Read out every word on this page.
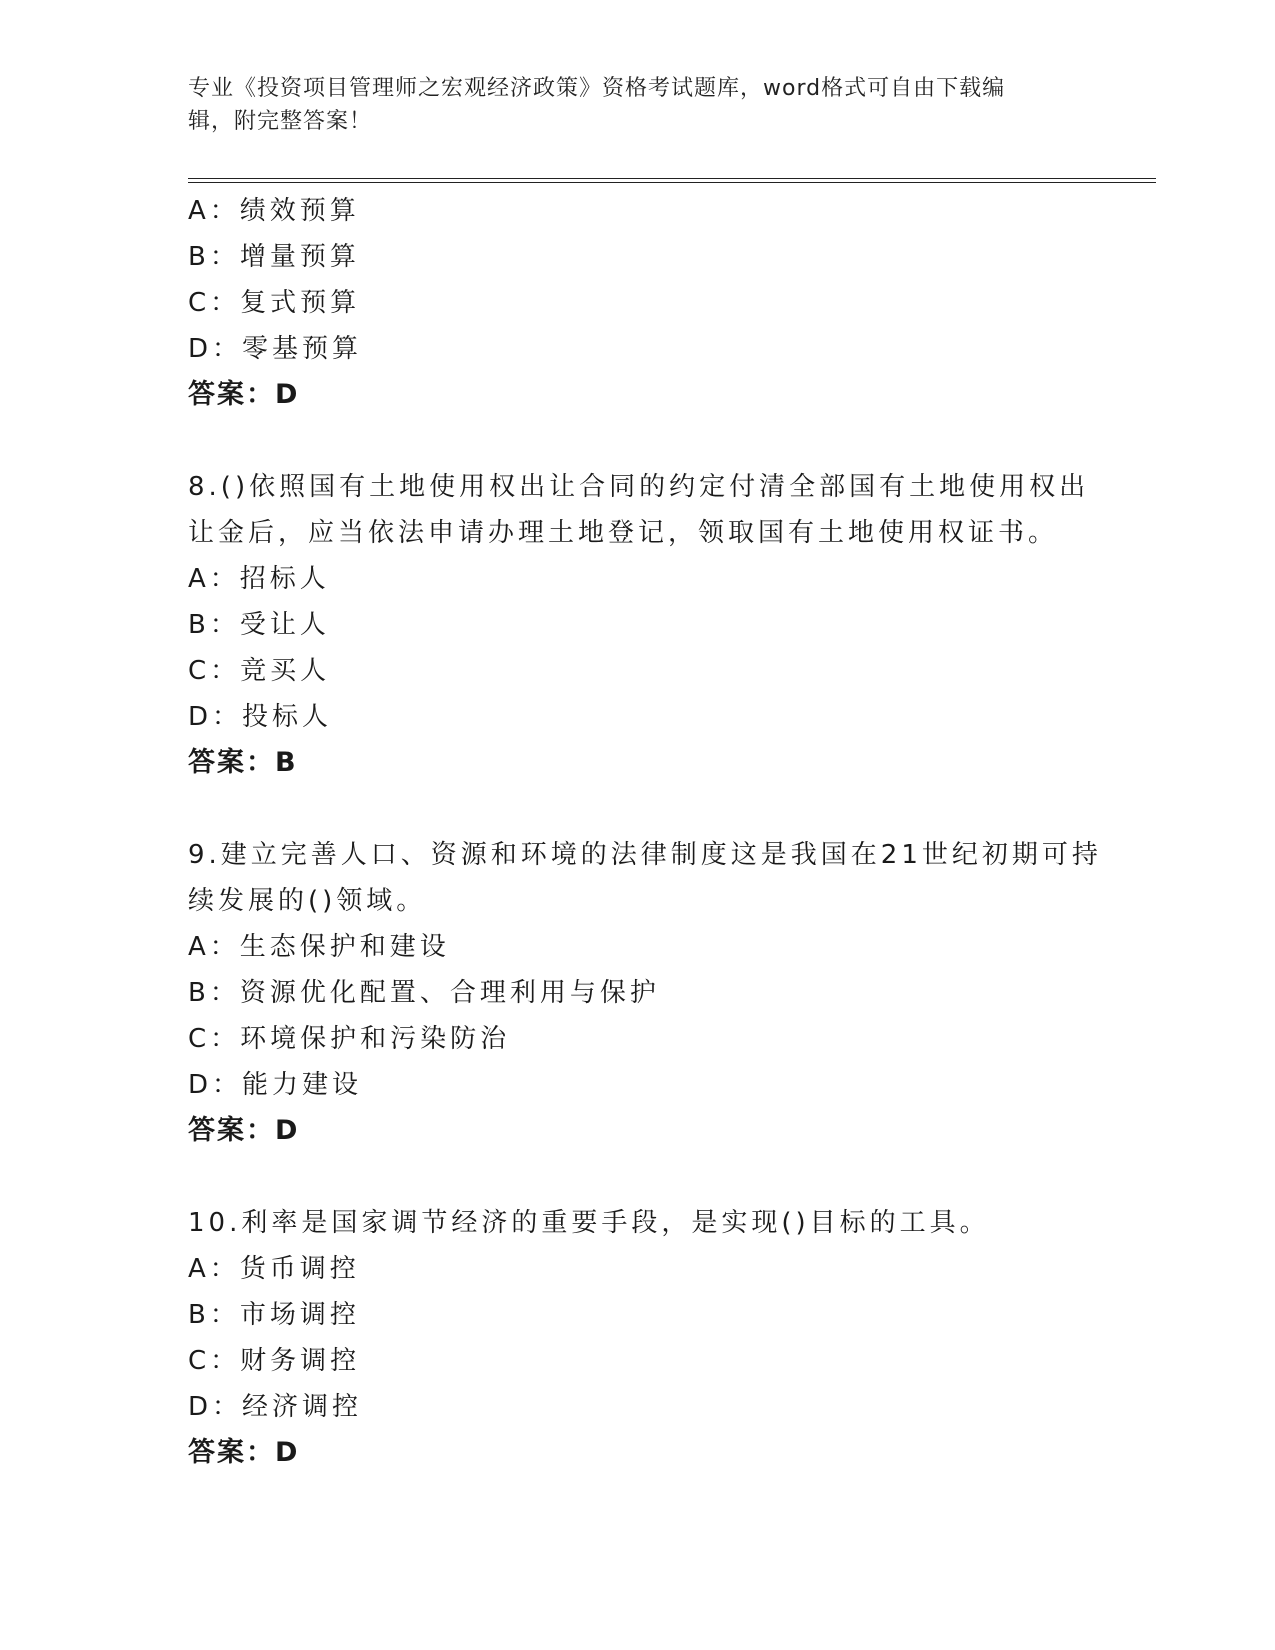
专业《投资项目管理师之宏观经济政策》资格考试题库，word格式可自由下载编
辑，附完整答案！
A：绩效预算
B：增量预算
C：复式预算
D：零基预算
答案：D
8.()依照国有土地使用权出让合同的约定付清全部国有土地使用权出
让金后，应当依法申请办理土地登记，领取国有土地使用权证书。
A：招标人
B：受让人
C：竞买人
D：投标人
答案：B
9.建立完善人口、资源和环境的法律制度这是我国在21世纪初期可持
续发展的()领域。
A：生态保护和建设
B：资源优化配置、合理利用与保护
C：环境保护和污染防治
D：能力建设
答案：D
10.利率是国家调节经济的重要手段，是实现()目标的工具。
A：货币调控
B：市场调控
C：财务调控
D：经济调控
答案：D
